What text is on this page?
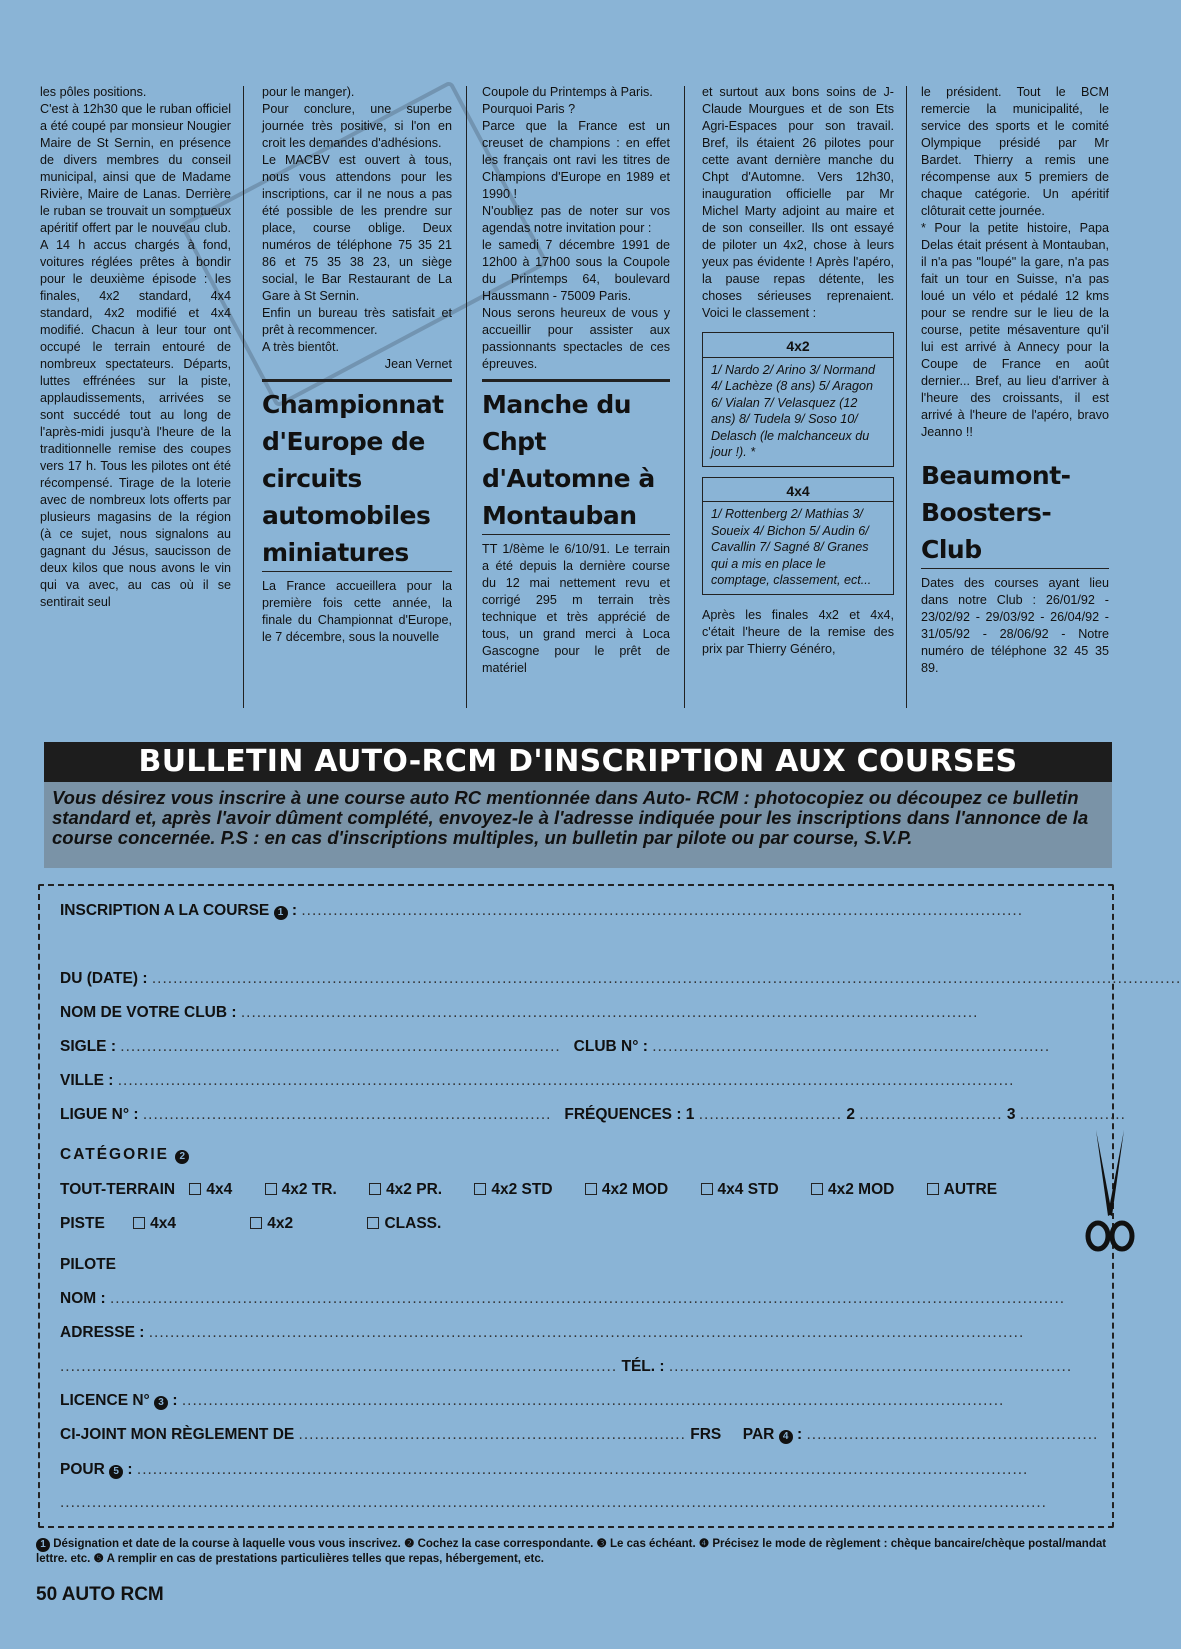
les pôles positions.

C'est à 12h30 que le ruban officiel a été coupé par monsieur Nougier Maire de St Sernin, en présence de divers membres du conseil municipal, ainsi que de Madame Rivière, Maire de Lanas. Derrière le ruban se trouvait un somptueux apéritif offert par le nouveau club. A 14 h accus chargés à fond, voitures réglées prêtes à bondir pour le deuxième épisode : les finales, 4x2 standard, 4x4 standard, 4x2 modifié et 4x4 modifié. Chacun à leur tour ont occupé le terrain entouré de nombreux spectateurs. Départs, luttes effrénées sur la piste, applaudissements, arrivées se sont succédé tout au long de l'après-midi jusqu'à l'heure de la traditionnelle remise des coupes vers 17 h. Tous les pilotes ont été récompensé. Tirage de la loterie avec de nombreux lots offerts par plusieurs magasins de la région (à ce sujet, nous signalons au gagnant du Jésus, saucisson de deux kilos que nous avons le vin qui va avec, au cas où il se sentirait seul

pour le manger).

Pour conclure, une superbe journée très positive, si l'on en croit les demandes d'adhésions.

Le MACBV est ouvert à tous, nous vous attendons pour les inscriptions, car il ne nous a pas été possible de les prendre sur place, course oblige. Deux numéros de téléphone 75 35 21 86 et 75 35 38 23, un siège social, le Bar Restaurant de La Gare à St Sernin.

Enfin un bureau très satisfait et prêt à recommencer.

A très bientôt.

Jean Vernet

Championnat d'Europe de circuits automobiles miniatures

La France accueillera pour la première fois cette année, la finale du Championnat d'Europe, le 7 décembre, sous la nouvelle

Coupole du Printemps à Paris.

Pourquoi Paris ?

Parce que la France est un creuset de champions : en effet les français ont ravi les titres de Champions d'Europe en 1989 et 1990 !

N'oubliez pas de noter sur vos agendas notre invitation pour :

le samedi 7 décembre 1991 de 12h00 à 17h00 sous la Coupole du Printemps 64, boulevard Haussmann - 75009 Paris.

Nous serons heureux de vous y accueillir pour assister aux passionnants spectacles de ces épreuves.

Manche du Chpt d'Automne à Montauban

TT 1/8ème le 6/10/91. Le terrain a été depuis la dernière course du 12 mai nettement revu et corrigé 295 m terrain très technique et très apprécié de tous, un grand merci à Loca Gascogne pour le prêt de matériel

et surtout aux bons soins de J-Claude Mourgues et de son Ets Agri-Espaces pour son travail. Bref, ils étaient 26 pilotes pour cette avant dernière manche du Chpt d'Automne. Vers 12h30, inauguration officielle par Mr Michel Marty adjoint au maire et de son conseiller. Ils ont essayé de piloter un 4x2, chose à leurs yeux pas évidente ! Après l'apéro, la pause repas détente, les choses sérieuses reprenaient. Voici le classement :

4x2
1/ Nardo 2/ Arino 3/ Normand 4/ Lachèze (8 ans) 5/ Aragon 6/ Vialan 7/ Velasquez (12 ans) 8/ Tudela 9/ Soso 10/ Delasch (le malchanceux du jour !). *
4x4
1/ Rottenberg 2/ Mathias 3/ Soueix 4/ Bichon 5/ Audin 6/ Cavallin 7/ Sagné 8/ Granes qui a mis en place le comptage, classement, ect...

Après les finales 4x2 et 4x4, c'était l'heure de la remise des prix par Thierry Généro,

le président. Tout le BCM remercie la municipalité, le service des sports et le comité Olympique présidé par Mr Bardet. Thierry a remis une récompense aux 5 premiers de chaque catégorie. Un apéritif clôturait cette journée.

* Pour la petite histoire, Papa Delas était présent à Montauban, il n'a pas "loupé" la gare, n'a pas fait un tour en Suisse, n'a pas loué un vélo et pédalé 12 kms pour se rendre sur le lieu de la course, petite mésaventure qu'il lui est arrivé à Annecy pour la Coupe de France en août dernier... Bref, au lieu d'arriver à l'heure des croissants, il est arrivé à l'heure de l'apéro, bravo Jeanno !!

Beaumont-Boosters-Club

Dates des courses ayant lieu dans notre Club : 26/01/92 - 23/02/92 - 29/03/92 - 26/04/92 - 31/05/92 - 28/06/92 - Notre numéro de téléphone 32 45 35 89.

BULLETIN AUTO-RCM D'INSCRIPTION AUX COURSES
Vous désirez vous inscrire à une course auto RC mentionnée dans Auto- RCM : photocopiez ou découpez ce bulletin standard et, après l'avoir dûment complété, envoyez-le à l'adresse indiquée pour les inscriptions dans l'annonce de la course concernée. P.S : en cas d'inscriptions multiples, un bulletin par pilote ou par course, S.V.P.
INSCRIPTION A LA COURSE 1 : ........................................................................................................................................
DU (DATE) : ..................................................................................................................................................................................................
NOM DE VOTRE CLUB : ...........................................................................................................................................
SIGLE : ................................................................................... CLUB N° : ...........................................................................
VILLE : .........................................................................................................................................................................
LIGUE N° : ............................................................................. FRÉQUENCES : 1 ........................... 2 ........................... 3 ....................
CATÉGORIE 2
TOUT-TERRAIN 4x4	4x2 TR.	4x2 PR.	4x2 STD	4x2 MOD	4x4 STD	4x2 MOD	AUTRE
PISTE	4x4	4x2	CLASS.
PILOTE
NOM : ....................................................................................................................................................................................
ADRESSE : .....................................................................................................................................................................
......................................................................................................... TÉL. : ............................................................................
LICENCE N° 3 : ...........................................................................................................................................................
CI-JOINT MON RÈGLEMENT DE ......................................................................... FRS PAR 4 : .......................................................
POUR 5 : ........................................................................................................................................................................
..........................................................................................................................................................................................
1 Désignation et date de la course à laquelle vous vous inscrivez. ❷ Cochez la case correspondante. ❸ Le cas échéant. ❹ Précisez le mode de règlement : chèque bancaire/chèque postal/mandat lettre. etc. ❺ A remplir en cas de prestations particulières telles que repas, hébergement, etc.
50 AUTO RCM
